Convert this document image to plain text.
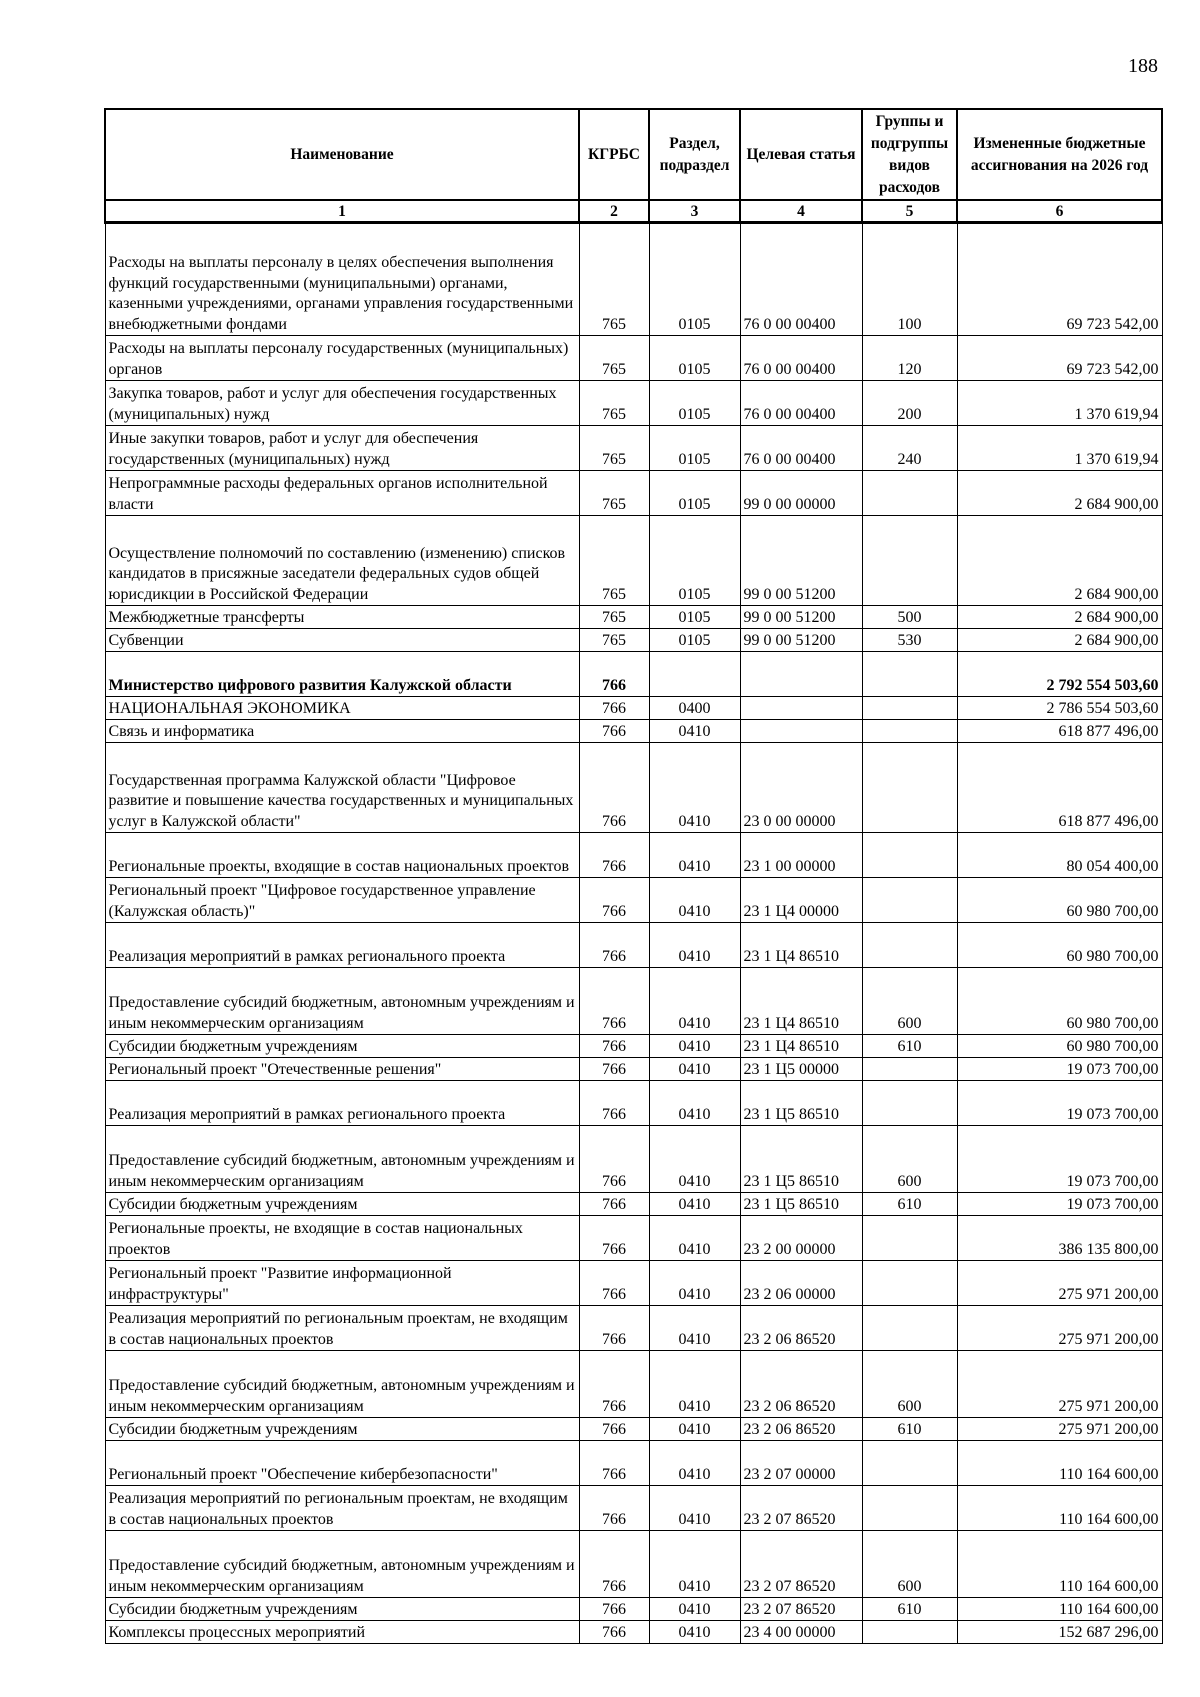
188
Наименование	КГРБС	Раздел, подраздел	Целевая статья	Группы и подгруппы видов расходов	Измененные бюджетные ассигнования на 2026 год
1	2	3	4	5	6
Расходы на выплаты персоналу в целях обеспечения выполнения функций государственными (муниципальными) органами, казенными учреждениями, органами управления государственными внебюджетными фондами	765	0105	76 0 00 00400	100	69 723 542,00
Расходы на выплаты персоналу государственных (муниципальных) органов	765	0105	76 0 00 00400	120	69 723 542,00
Закупка товаров, работ и услуг для обеспечения государственных (муниципальных) нужд	765	0105	76 0 00 00400	200	1 370 619,94
Иные закупки товаров, работ и услуг для обеспечения государственных (муниципальных) нужд	765	0105	76 0 00 00400	240	1 370 619,94
Непрограммные расходы федеральных органов исполнительной власти	765	0105	99 0 00 00000		2 684 900,00
Осуществление полномочий по составлению (изменению) списков кандидатов в присяжные заседатели федеральных судов общей юрисдикции в Российской Федерации	765	0105	99 0 00 51200		2 684 900,00
Межбюджетные трансферты	765	0105	99 0 00 51200	500	2 684 900,00
Субвенции	765	0105	99 0 00 51200	530	2 684 900,00
Министерство цифрового развития Калужской области	766				2 792 554 503,60
НАЦИОНАЛЬНАЯ ЭКОНОМИКА	766	0400			2 786 554 503,60
Связь и информатика	766	0410			618 877 496,00
Государственная программа Калужской области "Цифровое развитие и повышение качества государственных и муниципальных услуг в Калужской области"	766	0410	23 0 00 00000		618 877 496,00
Региональные проекты, входящие в состав национальных проектов	766	0410	23 1 00 00000		80 054 400,00
Региональный проект "Цифровое государственное управление (Калужская область)"	766	0410	23 1 Ц4 00000		60 980 700,00
Реализация мероприятий в рамках регионального проекта	766	0410	23 1 Ц4 86510		60 980 700,00
Предоставление субсидий бюджетным, автономным учреждениям и иным некоммерческим организациям	766	0410	23 1 Ц4 86510	600	60 980 700,00
Субсидии бюджетным учреждениям	766	0410	23 1 Ц4 86510	610	60 980 700,00
Региональный проект "Отечественные решения"	766	0410	23 1 Ц5 00000		19 073 700,00
Реализация мероприятий в рамках регионального проекта	766	0410	23 1 Ц5 86510		19 073 700,00
Предоставление субсидий бюджетным, автономным учреждениям и иным некоммерческим организациям	766	0410	23 1 Ц5 86510	600	19 073 700,00
Субсидии бюджетным учреждениям	766	0410	23 1 Ц5 86510	610	19 073 700,00
Региональные проекты, не входящие в состав национальных проектов	766	0410	23 2 00 00000		386 135 800,00
Региональный проект "Развитие информационной инфраструктуры"	766	0410	23 2 06 00000		275 971 200,00
Реализация мероприятий по региональным проектам, не входящим в состав национальных проектов	766	0410	23 2 06 86520		275 971 200,00
Предоставление субсидий бюджетным, автономным учреждениям и иным некоммерческим организациям	766	0410	23 2 06 86520	600	275 971 200,00
Субсидии бюджетным учреждениям	766	0410	23 2 06 86520	610	275 971 200,00
Региональный проект "Обеспечение кибербезопасности"	766	0410	23 2 07 00000		110 164 600,00
Реализация мероприятий по региональным проектам, не входящим в состав национальных проектов	766	0410	23 2 07 86520		110 164 600,00
Предоставление субсидий бюджетным, автономным учреждениям и иным некоммерческим организациям	766	0410	23 2 07 86520	600	110 164 600,00
Субсидии бюджетным учреждениям	766	0410	23 2 07 86520	610	110 164 600,00
Комплексы процессных мероприятий	766	0410	23 4 00 00000		152 687 296,00
